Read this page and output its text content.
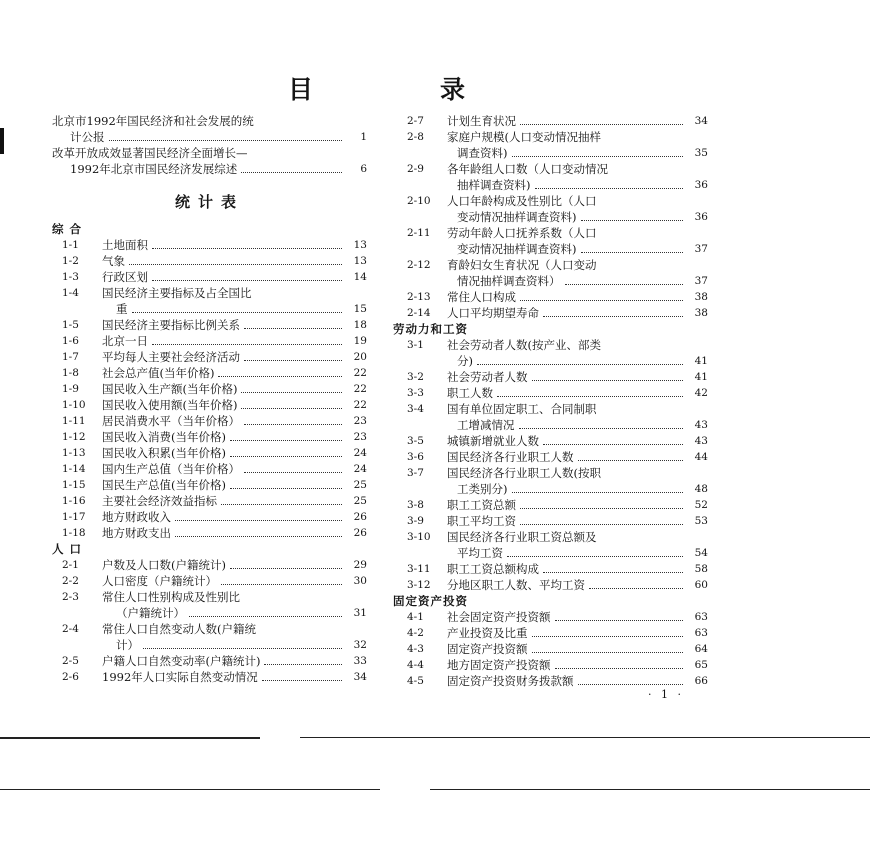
目	录
北京市1992年国民经济和社会发展的统
计公报	1
改革开放成效显著国民经济全面增长—
1992年北京市国民经济发展综述	6
统计表
综合
1-1	土地面积	13
1-2	气象	13
1-3	行政区划	14
1-4	国民经济主要指标及占全国比
重	15
1-5	国民经济主要指标比例关系	18
1-6	北京一日	19
1-7	平均每人主要社会经济活动	20
1-8	社会总产值(当年价格)	22
1-9	国民收入生产额(当年价格)	22
1-10	国民收入使用额(当年价格)	22
1-11	居民消费水平（当年价格）	23
1-12	国民收入消费(当年价格)	23
1-13	国民收入积累(当年价格)	24
1-14	国内生产总值（当年价格）	24
1-15	国民生产总值(当年价格)	25
1-16	主要社会经济效益指标	25
1-17	地方财政收入	26
1-18	地方财政支出	26
人口
2-1	户数及人口数(户籍统计)	29
2-2	人口密度（户籍统计）	30
2-3	常住人口性别构成及性别比
（户籍统计）	31
2-4	常住人口自然变动人数(户籍统
计）	32
2-5	户籍人口自然变动率(户籍统计)	33
2-6	1992年人口实际自然变动情况	34
2-7	计划生育状况	34
2-8	家庭户规模(人口变动情况抽样
调查资料)	35
2-9	各年龄组人口数（人口变动情况
抽样调查资料)	36
2-10	人口年龄构成及性别比（人口
变动情况抽样调查资料)	36
2-11	劳动年龄人口抚养系数（人口
变动情况抽样调查资料)	37
2-12	育龄妇女生育状况（人口变动
情况抽样调查资料）	37
2-13	常住人口构成	38
2-14	人口平均期望寿命	38
劳动力和工资
3-1	社会劳动者人数(按产业、部类
分)	41
3-2	社会劳动者人数	41
3-3	职工人数	42
3-4	国有单位固定职工、合同制职
工增减情况	43
3-5	城镇新增就业人数	43
3-6	国民经济各行业职工人数	44
3-7	国民经济各行业职工人数(按职
工类别分)	48
3-8	职工工资总额	52
3-9	职工平均工资	53
3-10	国民经济各行业职工资总额及
平均工资	54
3-11	职工工资总额构成	58
3-12	分地区职工人数、平均工资	60
固定资产投资
4-1	社会固定资产投资额	63
4-2	产业投资及比重	63
4-3	固定资产投资额	64
4-4	地方固定资产投资额	65
4-5	固定资产投资财务拨款额	66
· 1 ·
